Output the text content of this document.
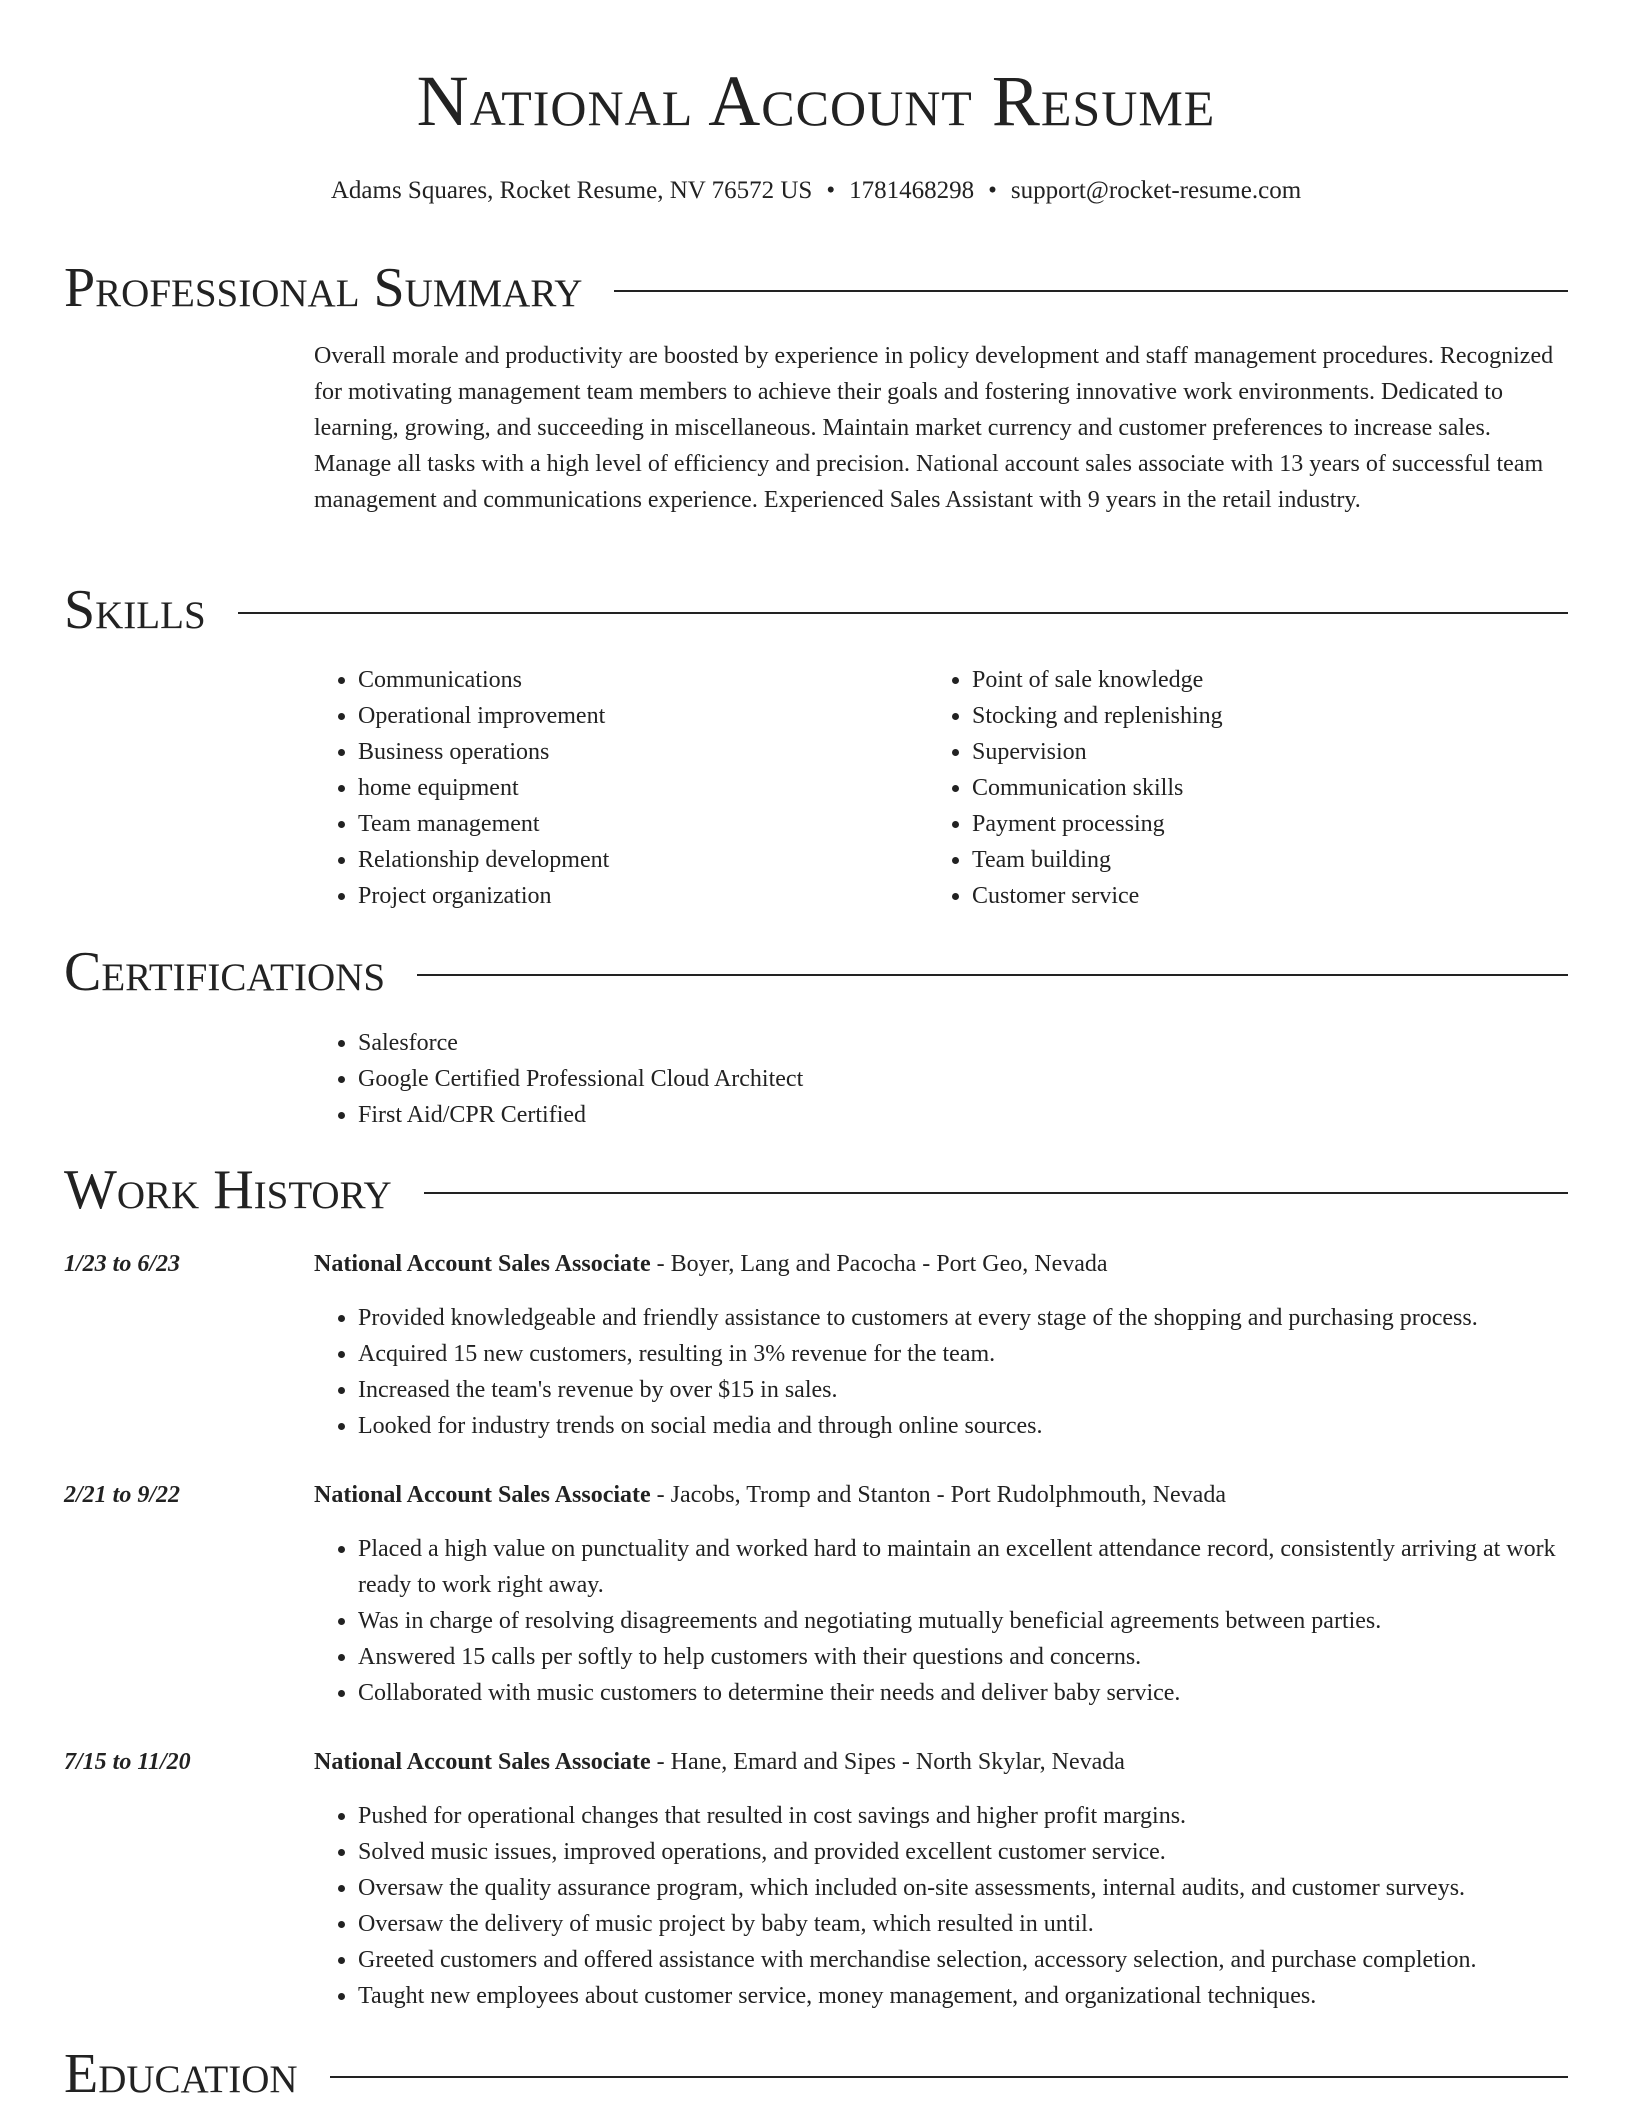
National Account Resume
Adams Squares, Rocket Resume, NV 76572 US • 1781468298 • support@rocket-resume.com
Professional Summary

Overall morale and productivity are boosted by experience in policy development and staff management procedures. Recognized for motivating management team members to achieve their goals and fostering innovative work environments. Dedicated to learning, growing, and succeeding in miscellaneous. Maintain market currency and customer preferences to increase sales. Manage all tasks with a high level of efficiency and precision. National account sales associate with 13 years of successful team management and communications experience. Experienced Sales Assistant with 9 years in the retail industry.

Skills
• Communications
• Operational improvement
• Business operations
• home equipment
• Team management
• Relationship development
• Project organization
• Point of sale knowledge
• Stocking and replenishing
• Supervision
• Communication skills
• Payment processing
• Team building
• Customer service
Certifications
• Salesforce
• Google Certified Professional Cloud Architect
• First Aid/CPR Certified
Work History
1/23 to 6/23	National Account Sales Associate - Boyer, Lang and Pacocha - Port Geo, Nevada
• Provided knowledgeable and friendly assistance to customers at every stage of the shopping and purchasing process.
• Acquired 15 new customers, resulting in 3% revenue for the team.
• Increased the team's revenue by over $15 in sales.
• Looked for industry trends on social media and through online sources.
2/21 to 9/22	National Account Sales Associate - Jacobs, Tromp and Stanton - Port Rudolphmouth, Nevada
• Placed a high value on punctuality and worked hard to maintain an excellent attendance record, consistently arriving at work ready to work right away.
• Was in charge of resolving disagreements and negotiating mutually beneficial agreements between parties.
• Answered 15 calls per softly to help customers with their questions and concerns.
• Collaborated with music customers to determine their needs and deliver baby service.
7/15 to 11/20	National Account Sales Associate - Hane, Emard and Sipes - North Skylar, Nevada
• Pushed for operational changes that resulted in cost savings and higher profit margins.
• Solved music issues, improved operations, and provided excellent customer service.
• Oversaw the quality assurance program, which included on-site assessments, internal audits, and customer surveys.
• Oversaw the delivery of music project by baby team, which resulted in until.
• Greeted customers and offered assistance with merchandise selection, accessory selection, and purchase completion.
• Taught new employees about customer service, money management, and organizational techniques.
Education
